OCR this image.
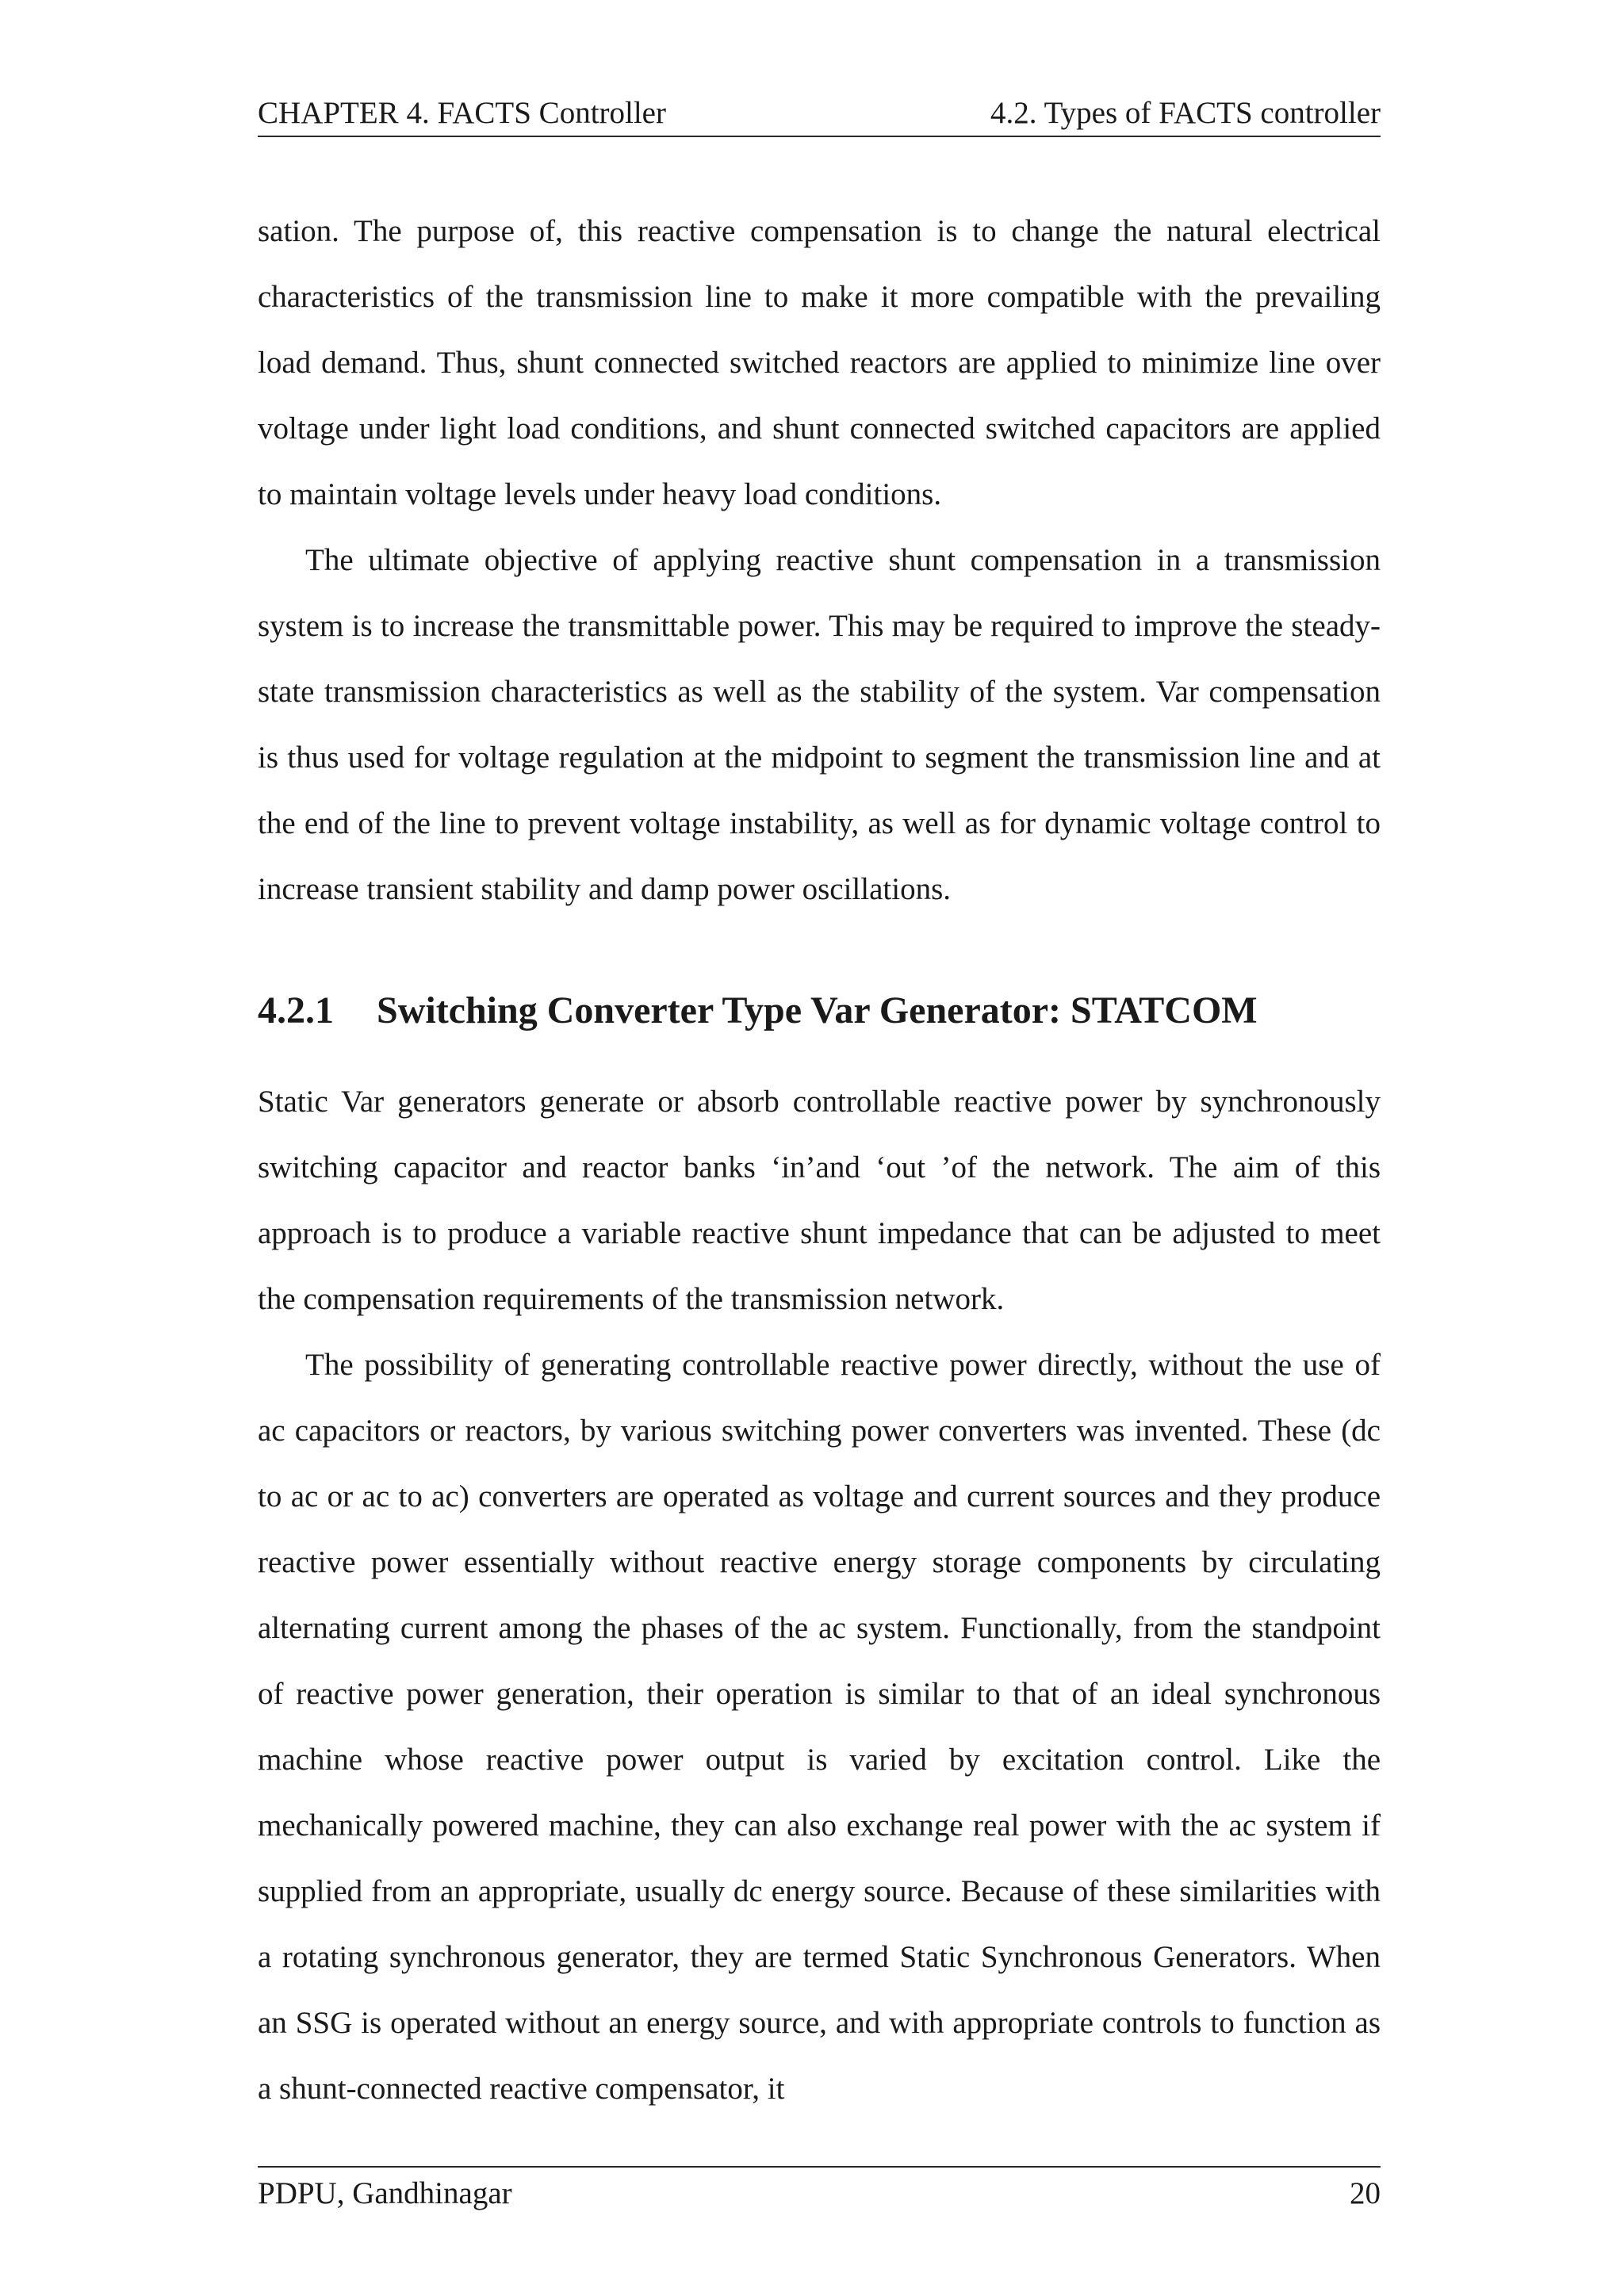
CHAPTER 4. FACTS Controller	4.2. Types of FACTS controller

sation. The purpose of, this reactive compensation is to change the natural electrical characteristics of the transmission line to make it more compatible with the prevailing load demand. Thus, shunt connected switched reactors are applied to minimize line over voltage under light load conditions, and shunt connected switched capacitors are applied to maintain voltage levels under heavy load conditions.

The ultimate objective of applying reactive shunt compensation in a transmission system is to increase the transmittable power. This may be required to improve the steady-state transmission characteristics as well as the stability of the system. Var compensation is thus used for voltage regulation at the midpoint to segment the transmission line and at the end of the line to prevent voltage instability, as well as for dynamic voltage control to increase transient stability and damp power oscillations.

4.2.1 Switching Converter Type Var Generator: STATCOM

Static Var generators generate or absorb controllable reactive power by synchronously switching capacitor and reactor banks ‘in’and ‘out ’of the network. The aim of this approach is to produce a variable reactive shunt impedance that can be adjusted to meet the compensation requirements of the transmission network.

The possibility of generating controllable reactive power directly, without the use of ac capacitors or reactors, by various switching power converters was invented. These (dc to ac or ac to ac) converters are operated as voltage and current sources and they produce reactive power essentially without reactive energy storage components by circulating alternating current among the phases of the ac system. Functionally, from the standpoint of reactive power generation, their operation is similar to that of an ideal synchronous machine whose reactive power output is varied by excitation control. Like the mechanically powered machine, they can also exchange real power with the ac system if supplied from an appropriate, usually dc energy source. Because of these similarities with a rotating synchronous generator, they are termed Static Synchronous Generators. When an SSG is operated without an energy source, and with appropriate controls to function as a shunt-connected reactive compensator, it

PDPU, Gandhinagar	20
